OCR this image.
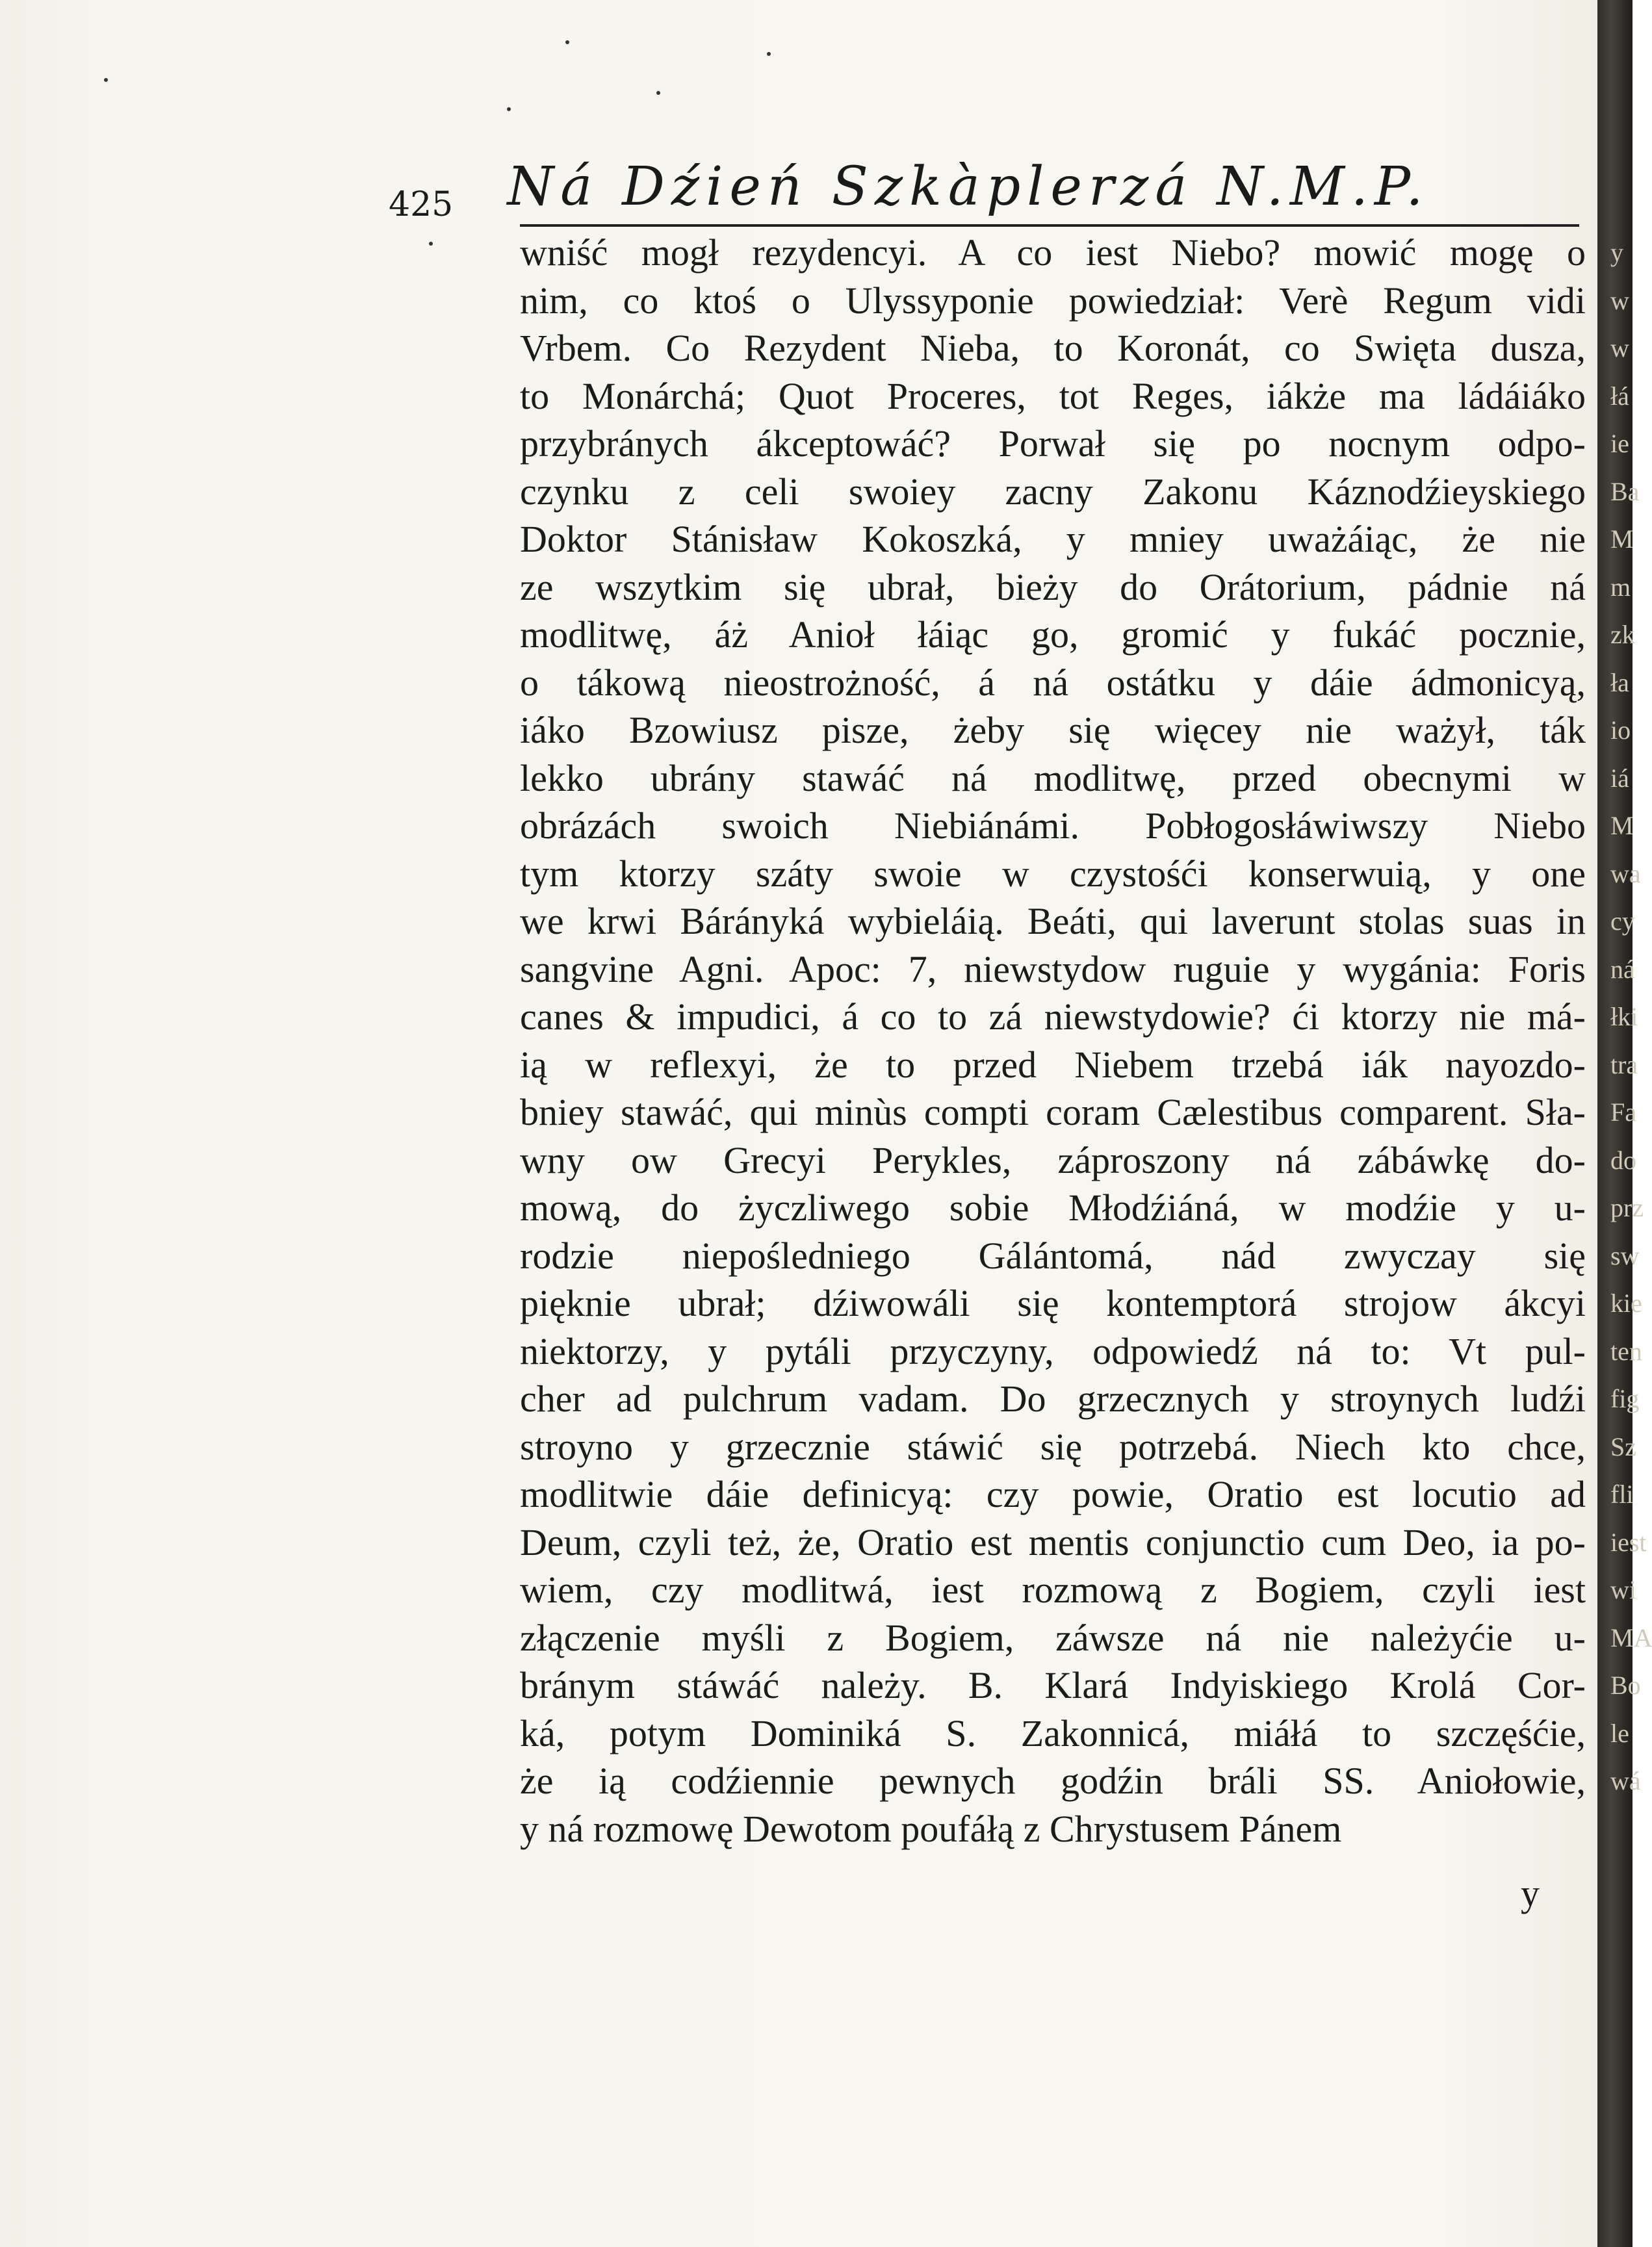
425	Ná Dźień Szkàplerzá N.M.P.
wniść mogł rezydencyi. A co iest Niebo? mowić mogę o
nim, co ktoś o Ulyssyponie powiedział: Verè Regum vidi
Vrbem. Co Rezydent Nieba, to Koronát, co Swięta dusza,
to Monárchá; Quot Proceres, tot Reges, iákże ma ládáiáko
przybránych ákceptowáć? Porwał się po nocnym odpo-
czynku z celi swoiey zacny Zakonu Káznodźieyskiego
Doktor Stánisław Kokoszká, y mniey uważáiąc, że nie
ze wszytkim się ubrał, bieży do Orátorium, pádnie ná
modlitwę, áż Anioł łáiąc go, gromić y fukáć pocznie,
o tákową nieostrożność, á ná ostátku y dáie ádmonicyą,
iáko Bzowiusz pisze, żeby się więcey nie ważył, ták
lekko ubrány stawáć ná modlitwę, przed obecnymi w
obrázách swoich Niebiánámi. Pobłogosłáwiwszy Niebo
tym ktorzy száty swoie w czystośći konserwuią, y one
we krwi Bárányká wybieláią. Beáti, qui laverunt stolas suas in
sangvine Agni. Apoc: 7, niewstydow ruguie y wygánia: Foris
canes & impudici, á co to zá niewstydowie? ći ktorzy nie má-
ią w reflexyi, że to przed Niebem trzebá iák nayozdo-
bniey stawáć, qui minùs compti coram Cælestibus comparent. Sła-
wny ow Grecyi Perykles, záproszony ná zábáwkę do-
mową, do życzliwego sobie Młodźiáná, w modźie y u-
rodzie niepośledniego Gálántomá, nád zwyczay się
pięknie ubrał; dźiwowáli się kontemptorá strojow ákcyi
niektorzy, y pytáli przyczyny, odpowiedź ná to: Vt pul-
cher ad pulchrum vadam. Do grzecznych y stroynych ludźi
stroyno y grzecznie stáwić się potrzebá. Niech kto chce,
modlitwie dáie definicyą: czy powie, Oratio est locutio ad
Deum, czyli też, że, Oratio est mentis conjunctio cum Deo, ia po-
wiem, czy modlitwá, iest rozmową z Bogiem, czyli iest
złączenie myśli z Bogiem, záwsze ná nie należyćie u-
bránym stáwáć należy. B. Klará Indyiskiego Krolá Cor-
ká, potym Dominiká S. Zakonnicá, miáłá to szczęśćie,
że ią codźiennie pewnych godźin bráli SS. Aniołowie,
y ná rozmowę Dewotom poufáłą z Chrystusem Pánem
y
y
w
w
łá
ie
Ba
M
m
zk
ła
io
iá
M
wa
cy
ná
łki
tra
Fa
do
prz
sw
kie
ten
fig
Sz
fli
iest
wi
MA
Bo
le
wá
